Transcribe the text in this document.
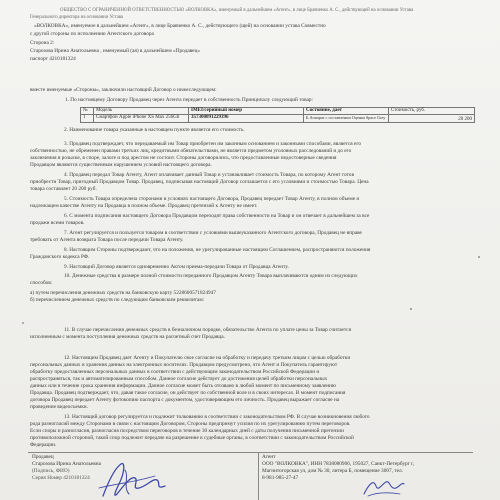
ОБЩЕСТВО С ОГРАНИЧЕННОЙ ОТВЕТСТВЕННОСТЬЮ «ВОЛКОВКА», именуемый в дальнейшем «Агент», в лице Бравченко А. С., действующей на основании Устава
Генерального директора на основании Устава
«ВОЛКОВКА», именуемое в дальнейшем «Агент», в лице Бравченко А. С., действующего (щей) на основании устава Совместно
с другой стороны по исполнению Агентского договора
Сторона 2:
Старозова Ирина Анатольевна , именуемый (ая) в дальнейшем «Продавец»
паспорт 4210181324
вместе именуемые «Стороны», заключили настоящий Договор о нижеследующем:
1. По настоящему Договору Продавец через Агента передает в собственность Принципалу следующий товар:
№	Модель	IMEI/серийный номер	Состояние, дает	Стоимость, руб.
1	Смартфон Apple iPhone XS Max 256Gb	357300091229396	Б.Аппарат с составлении Оценка Space Grey	20 200
2. Наименование товара указанные в настоящем пункте является его стоимость.
3. Продавец подтверждает, что передаваемый им Товар приобретен им законным основанием и законными способами, является его
собственностью, не обременен правами третьих лиц, кредитными обязательствами, не является предметом уголовных расследований и до его
заключения в розыске, в споре, залоге и под арестом не состоит. Стороны договорились, что предоставленные недостоверные сведения
Продавцом являются существенным нарушением условий настоящего договора.
4. Продавец передал Товар Агенту, Агент оплачивает данный Товар и устанавливает стоимость Товара, по которому Агент готов
приобрести Товар, пригодный Продавцом Товар. Продавец, подписывая настоящий Договор соглашается с его условиями и стоимостью Товара. Цена
товара составляет 20 200 руб.
5. Стоимость Товара определена сторонами в условиях настоящего Договора, Продавец передает Товар Агенту, в полном объеме и
надлежащем качестве Агенту на Продавца в полном объеме. Продавец претензий к Агенту не имеет.
6. С момента подписания настоящего Договора Продавцом переходят права собственности на Товар и он отвечает в дальнейшем за все
продажи всеми товаров.
7. Агент регулируется и пользуется товаром в соответствии с условиями вышеуказанного Агентского договора, Продавец не вправе
требовать от Агента возврата Товара после передачи Товара Агенту.
8. Настоящим Стороны подтверждают, что на положения, не урегулированные настоящим Соглашением, распространяются положения
Гражданского кодекса РФ.
9. Настоящий Договор является одновременно Актом приема-передачи Товара от Продавца Агенту.
10. Денежные средства в размере полной стоимости переданного Продавцом Агенту Товара выплачиваются одним из следующих
способов:
а) путем перечисления денежных средств на банковскую карту 5228600571824947
б) перечислением денежных средств по следующим банковским реквизитам:
11. В случае перечисления денежных средств в безналичном порядке, обязательство Агента по уплате цены за Товар считается
исполненным с момента поступления денежных средств на расчетный счет Продавца.
12. Настоящим Продавец дает Агенту и Покупателю свое согласие на обработку и передачу третьим лицам с целью обработки
персональных данных и хранения данных на электронных носителях. Продавцом предусмотрено, что Агент и Покупатель гарантируют
обработку предоставленных персональных данных в соответствии с действующим законодательством Российской Федерации и
распространяться, так и автоматизированным способом. Данное согласие действует до достижения целей обработки персональных
данных или в течение срока хранения информации. Данное согласие может быть отозвано в любой момент по письменному заявлению
Продавца. Продавец подтверждает, что, давая такое согласие, он действует по собственной воле и в своих интересах. В момент подписания
договора Продавец передает Агенту фотокопию паспорта с документом, удостоверяющим его личность. Продавец выражает согласие на
проведение видеосъемки.
13. Настоящий договор регулируется и подлежит толкованию в соответствии с законодательством РФ. В случае возникновения любого
рода разногласий между Сторонами в связи с настоящим Договором, Стороны предпримут усилия по их урегулированию путем переговоров.
Если споры и разногласия, разногласия посредством переговоров в течение 30 календарных дней с даты получения письменной претензии
противоположной стороной, такой спор подлежит передаче на разрешение в судебные органы, в соответствии с законодательством Российской
Федерации.
Продавец
Старозова Ирина Анатольевна
(Подпись, ФИО)
Серия Номер 4210181324
Агент
ООО "ВОЛКОВКА", ИНН 7838080906, 195027, Санкт-Петербург г,
Магнитогорская ул, дом № 30, литера Б, помещение 3007, тел.
8-981-985-27-47
